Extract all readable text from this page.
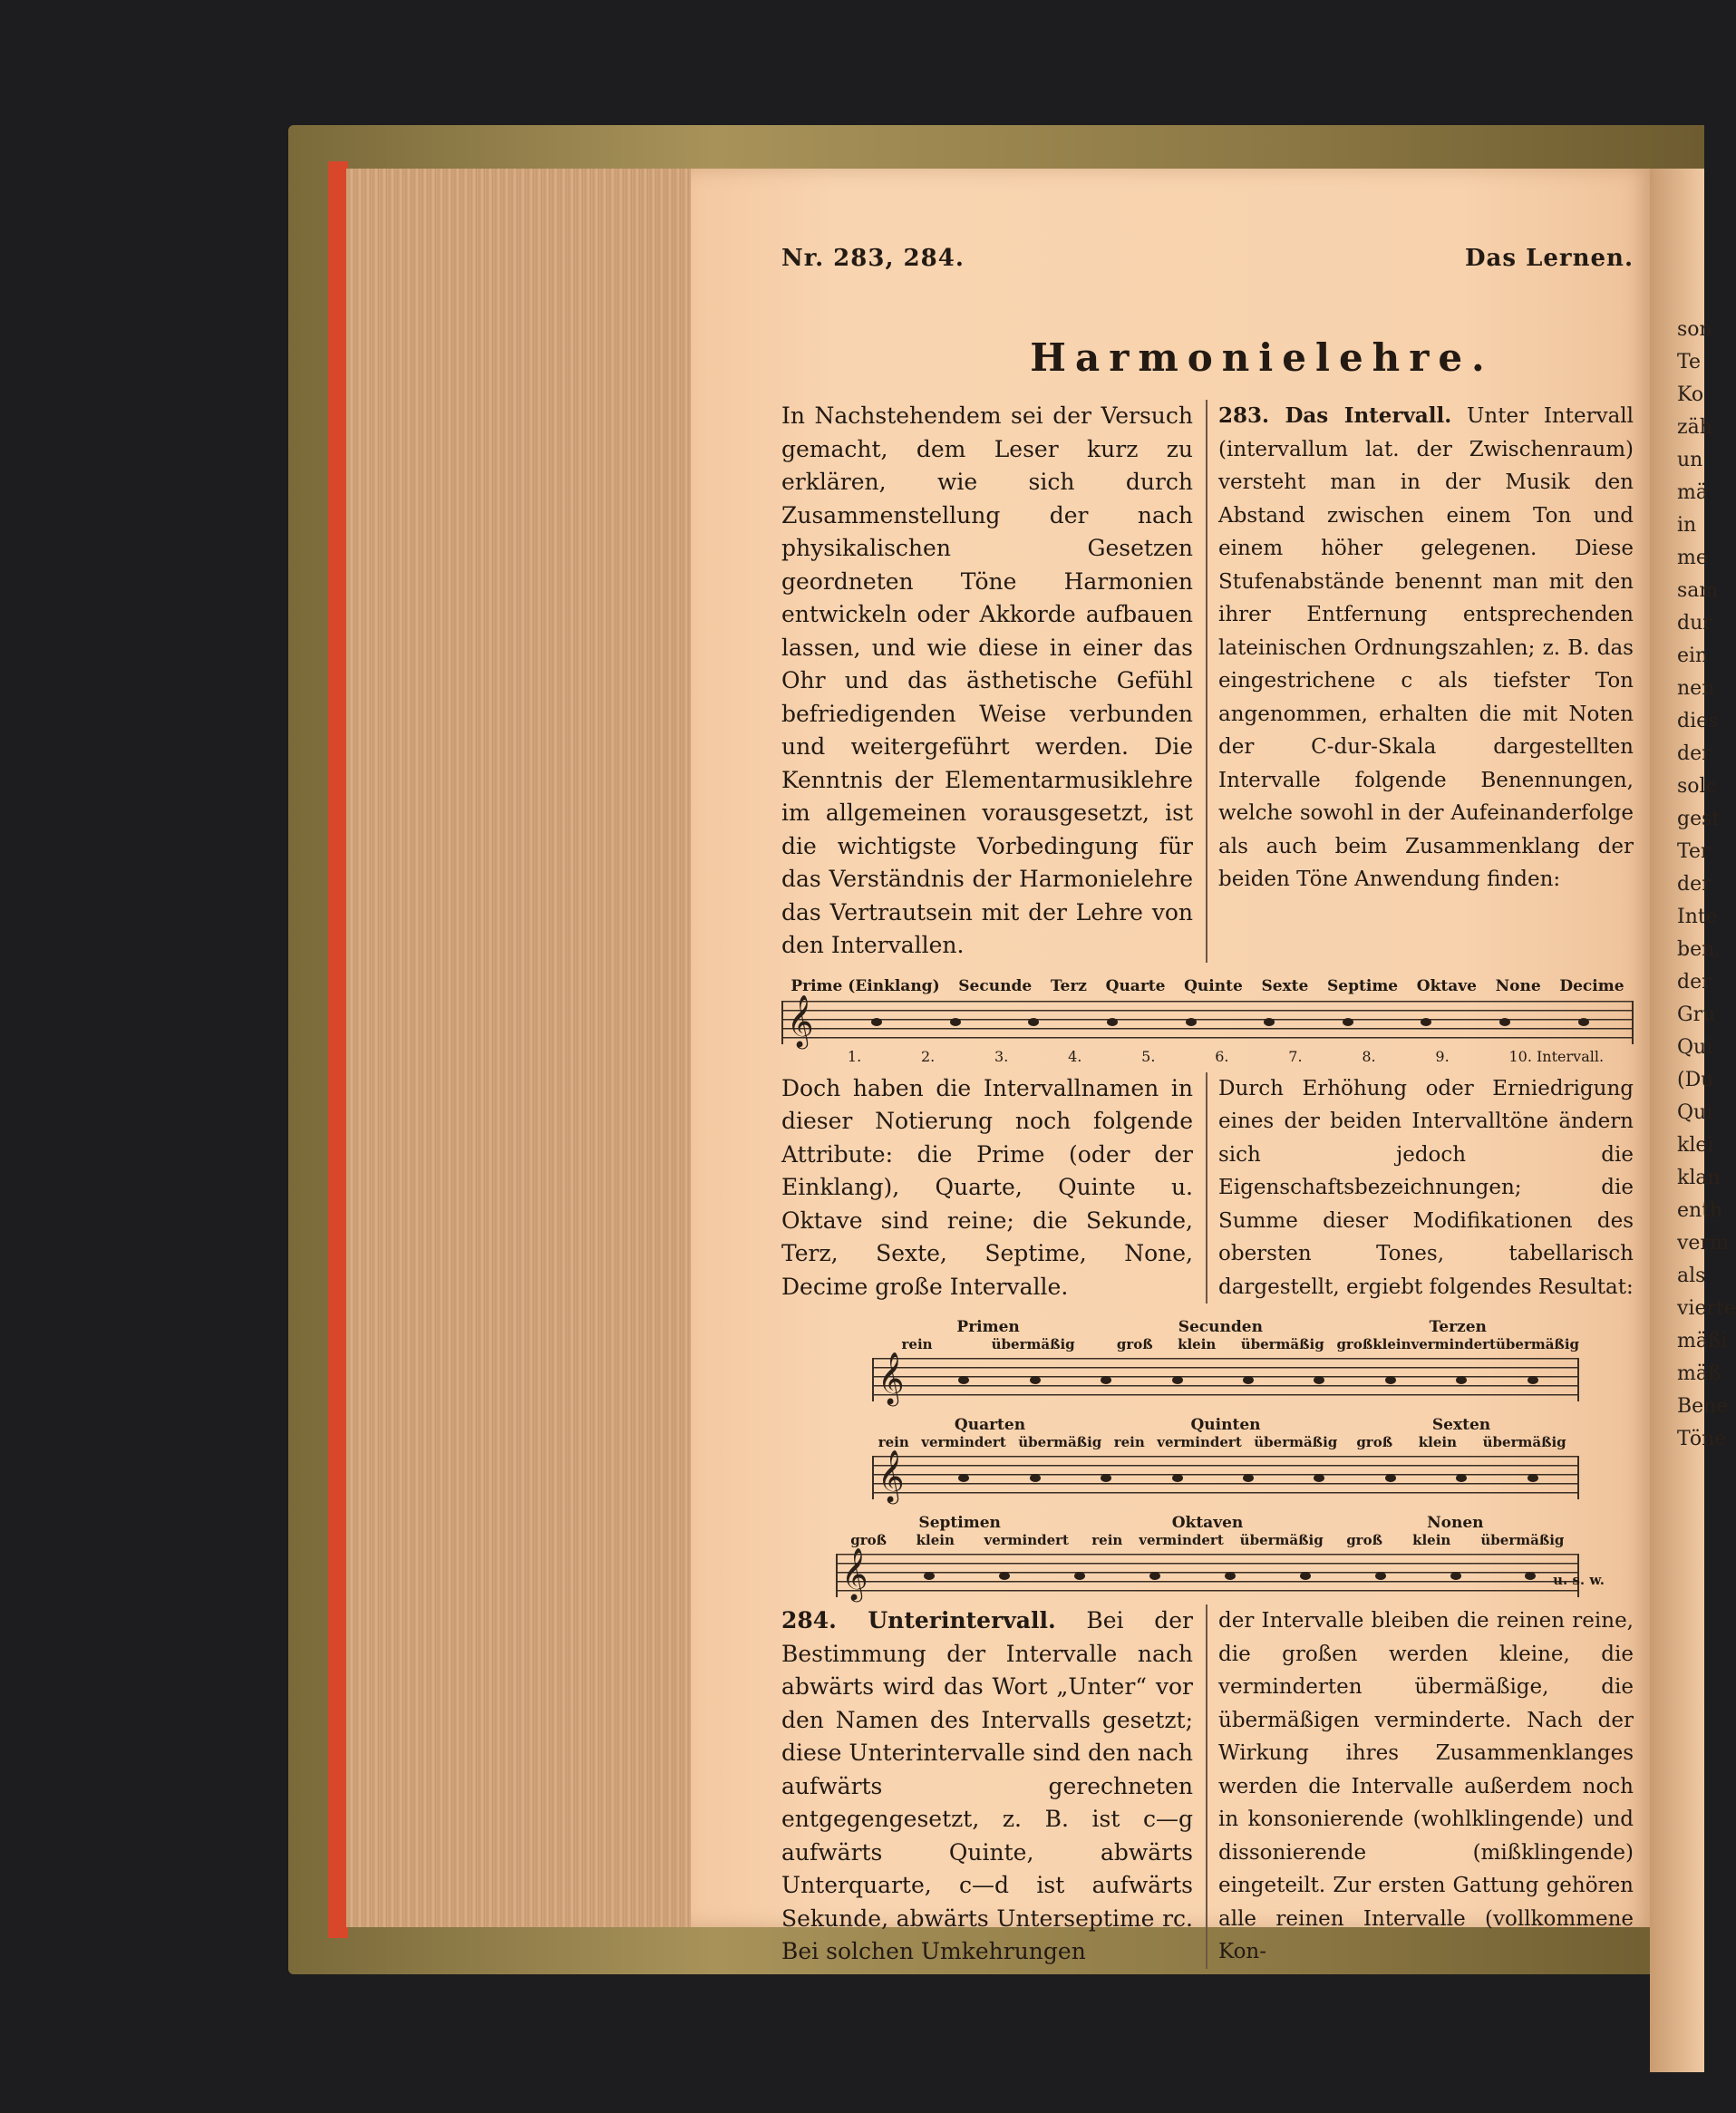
son
Te
Ko
zäh
un
mä
in
me
sam
dur
ein
nen
dies
der
solc
gest
Ter
der
Inte
ben,
der
Gru
Qui
(Du
Qui
klei
klan
enth
verm
als
vierte
mäßi
mäß
Bene
Töne
Nr. 283, 284.	Das Lernen.
Harmonielehre.

In Nachstehendem sei der Versuch gemacht, dem Leser kurz zu erklären, wie sich durch Zusammenstellung der nach physikalischen Gesetzen geordneten Töne Harmonien entwickeln oder Akkorde aufbauen lassen, und wie diese in einer das Ohr und das ästhetische Gefühl befriedigenden Weise verbunden und weitergeführt werden. Die Kenntnis der Elementarmusiklehre im allgemeinen vorausgesetzt, ist die wichtigste Vorbedingung für das Verständnis der Harmonielehre das Vertrautsein mit der Lehre von den Intervallen.

283. Das Intervall. Unter Intervall (intervallum lat. der Zwischenraum) versteht man in der Musik den Abstand zwischen einem Ton und einem höher gelegenen. Diese Stufenabstände benennt man mit den ihrer Entfernung entsprechenden lateinischen Ordnungszahlen; z. B. das eingestrichene c als tiefster Ton angenommen, erhalten die mit Noten der C-dur-Skala dargestellten Intervalle folgende Benennungen, welche sowohl in der Aufeinanderfolge als auch beim Zusammenklang der beiden Töne Anwendung finden:

Prime (Einklang) Secunde Terz Quarte Quinte Sexte Septime Oktave None Decime
𝄞
1.	2.	3.	4.	5.	6.	7.	8.	9.	10. Intervall.

Doch haben die Intervallnamen in dieser Notierung noch folgende Attribute: die Prime (oder der Einklang), Quarte, Quinte u. Oktave sind reine; die Sekunde, Terz, Sexte, Septime, None, Decime große Intervalle.

Durch Erhöhung oder Erniedrigung eines der beiden Intervalltöne ändern sich jedoch die Eigenschaftsbezeichnungen; die Summe dieser Modifikationen des obersten Tones, tabellarisch dargestellt, ergiebt folgendes Resultat:

Primen
rein	übermäßig
Secunden
groß klein übermäßig
Terzen
groß klein vermindert übermäßig
𝄞
Quarten
rein vermindert übermäßig
Quinten
rein vermindert übermäßig
Sexten
groß klein übermäßig
𝄞
Septimen
groß klein vermindert
Oktaven
rein vermindert übermäßig
Nonen
groß klein übermäßig
𝄞	u. s. w.

284. Unterintervall. Bei der Bestimmung der Intervalle nach abwärts wird das Wort „Unter“ vor den Namen des Intervalls gesetzt; diese Unterintervalle sind den nach aufwärts gerechneten entgegengesetzt, z. B. ist c—g aufwärts Quinte, abwärts Unterquarte, c—d ist aufwärts Sekunde, abwärts Unterseptime rc. Bei solchen Umkehrungen

der Intervalle bleiben die reinen reine, die großen werden kleine, die verminderten übermäßige, die übermäßigen verminderte. Nach der Wirkung ihres Zusammenklanges werden die Intervalle außerdem noch in konsonierende (wohlklingende) und dissonierende (mißklingende) eingeteilt. Zur ersten Gattung gehören alle reinen Intervalle (vollkommene Kon-
